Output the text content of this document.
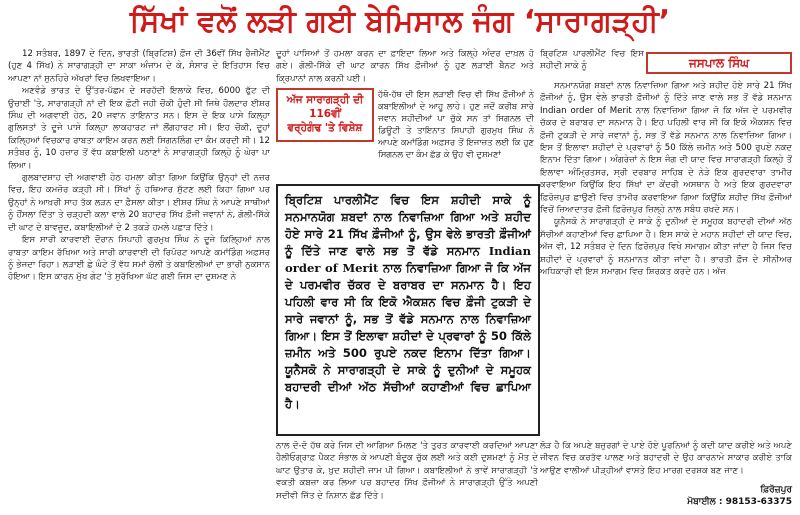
ਸਿੱਖਾਂ ਵਲੋਂ ਲੜੀ ਗਈ ਬੇਮਿਸਾਲ ਜੰਗ ‘ਸਾਰਾਗੜ੍ਹੀ’

12 ਸਤੰਬਰ, 1897 ਦੇ ਦਿਨ, ਭਾਰਤੀ (ਬ੍ਰਿਟਿਸ਼) ਫ਼ੌਜ ਦੀ 36ਵੀਂ ਸਿੱਖ ਰੈਜੀਮੈਂਟ (ਹੁਣ 4 ਸਿੱਖ) ਨੇ ਸਾਰਾਗੜ੍ਹੀ ਦਾ ਸਾਕਾ ਅੰਜਾਮ ਦੇ ਕੇ, ਸੰਸਾਰ ਦੇ ਇਤਿਹਾਸ ਵਿਚ ਆਪਣਾ ਨਾਂ ਸੁਨਹਿਰੇ ਅੱਖਰਾਂ ਵਿਚ ਲਿਖਵਾਇਆ।

ਅਣਵੰਡੇ ਭਾਰਤ ਦੇ ਉੱਤਰ-ਪੱਛਮ ਦੇ ਸਰਹੱਦੀ ਇਲਾਕੇ ਵਿਚ, 6000 ਫੁੱਟ ਦੀ ਉਚਾਈ 'ਤੇ, ਸਾਰਾਗੜ੍ਹੀ ਨਾਂ ਦੀ ਇਕ ਛੋਟੀ ਜਹੀ ਚੌਕੀ ਹੁੰਦੀ ਸੀ ਜਿਥੇ ਹੌਲਦਾਰ ਈਸ਼ਰ ਸਿੰਘ ਦੀ ਅਗਵਾਈ ਹੇਠ, 20 ਜਵਾਨ ਤਾਇਨਾਤ ਸਨ। ਇਸ ਦੇ ਇਕ ਪਾਸੇ ਕਿਲ੍ਹਾ ਗੁਲਿਸਤਾਂ ਤੇ ਦੂਜੇ ਪਾਸੇ ਕਿਲ੍ਹਾ ਲਾਕਹਾਰਟ ਜਾਂ ਲੌਂਗਹਾਰਟ ਸੀ। ਇਹ ਚੌਕੀ, ਦੂਹਾਂ ਕਿਲ੍ਹਿਆਂ ਵਿਚਕਾਰ ਰਾਬਤਾ ਕਾਇਮ ਕਰਨ ਲਈ ਸਿਗਨਲਿੰਗ ਦਾ ਕੰਮ ਕਰਦੀ ਸੀ। 12 ਸਤੰਬਰ ਨੂੰ, 10 ਹਜ਼ਾਰ ਤੋਂ ਵੱਧ ਕਬਾਇਲੀ ਪਠਾਣਾਂ ਨੇ ਸਾਰਾਗੜ੍ਹੀ ਕਿਲ੍ਹੇ ਨੂੰ ਘੇਰਾ ਪਾ ਲਿਆ।

ਗੁਲਬਾਦਸ਼ਾਹ ਦੀ ਅਗਵਾਈ ਹੇਠ ਹਮਲਾ ਕੀਤਾ ਗਿਆ ਕਿਉਂਕਿ ਉਨ੍ਹਾਂ ਦੀ ਨਜ਼ਰ ਵਿਚ, ਇਹ ਕਮਜ਼ੋਰ ਕੜ੍ਹੀ ਸੀ। ਸਿੱਖਾਂ ਨੂੰ ਹਥਿਆਰ ਸੁੱਟਣ ਲਈ ਕਿਹਾ ਗਿਆ ਪਰ ਉਨ੍ਹਾਂ ਨੇ ਆਖ਼ਰੀ ਸਾਹ ਤੱਕ ਲੜਨ ਦਾ ਫ਼ੈਸਲਾ ਕੀਤਾ। ਈਸ਼ਰ ਸਿੰਘ ਨੇ ਆਪਣੇ ਸਾਥੀਆਂ ਨੂੰ ਹੌਂਸਲਾ ਦਿੱਤਾ ਤੇ ਚੜ੍ਹਦੀ ਕਲਾ ਵਾਲੇ 20 ਬਹਾਦਰ ਸਿੱਖ ਫ਼ੌਜੀ ਜਵਾਨਾਂ ਨੇ, ਗੋਲੀ-ਸਿੱਕੇ ਦੀ ਘਾਟ ਦੇ ਬਾਵਜੂਦ, ਕਬਾਇਲੀਆਂ ਦੇ 2 ਤਕੜੇ ਹਮਲੇ ਪਛਾੜ ਦਿੱਤੇ।

ਇਸ ਸਾਰੀ ਕਾਰਵਾਈ ਦੌਰਾਨ ਸਿਪਾਹੀ ਗੁਰਮੁਖ ਸਿੰਘ ਨੇ ਦੂਜੇ ਕਿਲ੍ਹਿਆਂ ਨਾਲ ਰਾਬਤਾ ਕਾਇਮ ਰੱਖਿਆ ਅਤੇ ਸਾਰੀ ਕਾਰਵਾਈ ਦੀ ਰਿਪੋਰਟ ਆਪਣੇ ਕਮਾਂਡਿੰਗ ਅਫ਼ਸਰ ਨੂੰ ਭੇਜਦਾ ਰਿਹਾ। ਲੜਾਈ ਛੇ ਘੰਟੇ ਤੋਂ ਵੱਧ ਸਮਾਂ ਚੱਲੀ ਤੇ ਕਬਾਇਲੀਆਂ ਦਾ ਭਾਰੀ ਨੁਕਸਾਨ ਹੋਇਆ। ਇਸ ਕਾਰਨ ਮੁੱਖ ਗੇਟ 'ਤੇ ਸੁਰੱਖਿਆ ਘੱਟ ਗਈ ਜਿਸ ਦਾ ਦੁਸ਼ਮਣ ਨੇ

ਦੂਹਾਂ ਪਾਸਿਆਂ ਤੋਂ ਹਮਲਾ ਕਰਨ ਦਾ ਫ਼ਾਇਦਾ ਲਿਆ ਅਤੇ ਕਿਲ੍ਹੇ ਅੰਦਰ ਦਾਖ਼ਲ ਹੋ ਗਏ। ਗੋਲੀ-ਸਿੱਕੇ ਦੀ ਘਾਟ ਕਾਰਨ ਸਿੱਖ ਫ਼ੌਜੀਆਂ ਨੂੰ ਹੁਣ ਲੜਾਈ ਬੈਨਟ ਅਤੇ ਕ੍ਰਿਪਾਨਾਂ ਨਾਲ ਕਰਨੀ ਪਈ।
ਅੱਜ ਸਾਰਾਗੜ੍ਹੀ ਦੀ 116ਵੀਂ
ਵਰ੍ਹੇਗੰਢ 'ਤੇ ਵਿਸ਼ੇਸ਼
ਹੱਥੋ-ਹੱਥ ਦੀ ਇਸ ਲੜਾਈ ਵਿਚ ਵੀ ਸਿੱਖ ਫ਼ੌਜੀਆਂ ਨੇ ਕਬਾਇਲੀਆਂ ਦੇ ਆਹੂ ਲਾਹੇ। ਹੁਣ ਜਦੋਂ ਕਰੀਬ ਸਾਰੇ ਜਵਾਨ ਸ਼ਹੀਦੀਆਂ ਪਾ ਚੁੱਕੇ ਸਨ ਤਾਂ ਸਿਗਨਲ ਦੀ ਡਿਊਟੀ ਤੇ ਤਾਇਨਾਤ ਸਿਪਾਹੀ ਗੁਰਮੁਖ ਸਿੰਘ ਨੇ ਆਪਣੇ ਕਮਾਂਡਿੰਗ ਅਫ਼ਸਰ ਤੋਂ ਇਜਾਜ਼ਤ ਲਈ ਕਿ ਹੁਣ ਸਿਗਨਲ ਦਾ ਕੰਮ ਛੱਡ ਕੇ ਉਹ ਵੀ ਦੁਸ਼ਮਣਾਂ
ਬ੍ਰਿਟਿਸ਼ ਪਾਰਲੀਮੈਂਟ ਵਿਚ ਇਸ ਸ਼ਹੀਦੀ ਸਾਕੇ ਨੂੰ	ਜਸਪਾਲ ਸਿੰਘ
ਬ੍ਰਿਟਿਸ਼ ਪਾਰਲੀਮੈਂਟ ਵਿਚ ਇਸ ਸ਼ਹੀਦੀ ਸਾਕੇ ਨੂੰ ਸਨਮਾਨਯੋਗ ਸ਼ਬਦਾਂ ਨਾਲ ਨਿਵਾਜ਼ਿਆ ਗਿਆ ਅਤੇ ਸ਼ਹੀਦ ਹੋਏ ਸਾਰੇ 21 ਸਿੱਖ ਫ਼ੌਜੀਆਂ ਨੂੰ, ਉਸ ਵੇਲੇ ਭਾਰਤੀ ਫ਼ੌਜੀਆਂ ਨੂੰ ਦਿੱਤੇ ਜਾਣ ਵਾਲੇ ਸਭ ਤੋਂ ਵੱਡੇ ਸਨਮਾਨ Indian order of Merit ਨਾਲ ਨਿਵਾਜ਼ਿਆ ਗਿਆ ਜੋ ਕਿ ਅੱਜ ਦੇ ਪਰਮਵੀਰ ਚੱਕਰ ਦੇ ਬਰਾਬਰ ਦਾ ਸਨਮਾਨ ਹੈ। ਇਹ ਪਹਿਲੀ ਵਾਰ ਸੀ ਕਿ ਇਕੋ ਐਕਸ਼ਨ ਵਿਚ ਫ਼ੌਜੀ ਟੁਕੜੀ ਦੇ ਸਾਰੇ ਜਵਾਨਾਂ ਨੂੰ, ਸਭ ਤੋਂ ਵੱਡੇ ਸਨਮਾਨ ਨਾਲ ਨਿਵਾਜ਼ਿਆ ਗਿਆ। ਇਸ ਤੋਂ ਇਲਾਵਾ ਸ਼ਹੀਦਾਂ ਦੇ ਪ੍ਰਵਾਰਾਂ ਨੂੰ 50 ਕਿੱਲੇ ਜ਼ਮੀਨ ਅਤੇ 500 ਰੁਪਏ ਨਕਦ ਇਨਾਮ ਦਿੱਤਾ ਗਿਆ। ਯੂਨੈਸਕੋ ਨੇ ਸਾਰਾਗੜ੍ਹੀ ਦੇ ਸਾਕੇ ਨੂੰ ਦੁਨੀਆਂ ਦੇ ਸਮੂਹਕ ਬਹਾਦਰੀ ਦੀਆਂ ਅੱਠ ਸੱਚੀਆਂ ਕਹਾਣੀਆਂ ਵਿਚ ਛਾਪਿਆ ਹੈ।

ਸਨਮਾਨਯੋਗ ਸ਼ਬਦਾਂ ਨਾਲ ਨਿਵਾਜ਼ਿਆ ਗਿਆ ਅਤੇ ਸ਼ਹੀਦ ਹੋਏ ਸਾਰੇ 21 ਸਿੱਖ ਫ਼ੌਜੀਆਂ ਨੂੰ, ਉਸ ਵੇਲੇ ਭਾਰਤੀ ਫ਼ੌਜੀਆਂ ਨੂੰ ਦਿੱਤੇ ਜਾਣ ਵਾਲੇ ਸਭ ਤੋਂ ਵੱਡੇ ਸਨਮਾਨ Indian order of Merit ਨਾਲ ਨਿਵਾਜ਼ਿਆ ਗਿਆ ਜੋ ਕਿ ਅੱਜ ਦੇ ਪਰਮਵੀਰ ਚੱਕਰ ਦੇ ਬਰਾਬਰ ਦਾ ਸਨਮਾਨ ਹੈ। ਇਹ ਪਹਿਲੀ ਵਾਰ ਸੀ ਕਿ ਇਕੋ ਐਕਸ਼ਨ ਵਿਚ ਫ਼ੌਜੀ ਟੁਕੜੀ ਦੇ ਸਾਰੇ ਜਵਾਨਾਂ ਨੂੰ, ਸਭ ਤੋਂ ਵੱਡੇ ਸਨਮਾਨ ਨਾਲ ਨਿਵਾਜ਼ਿਆ ਗਿਆ। ਇਸ ਤੋਂ ਇਲਾਵਾ ਸ਼ਹੀਦਾਂ ਦੇ ਪ੍ਰਵਾਰਾਂ ਨੂੰ 50 ਕਿੱਲੇ ਜ਼ਮੀਨ ਅਤੇ 500 ਰੁਪਏ ਨਕਦ ਇਨਾਮ ਦਿੱਤਾ ਗਿਆ। ਅੰਗਰੇਜ਼ਾਂ ਨੇ ਇਸ ਜੰਗ ਦੀ ਯਾਦ ਵਿਚ ਸਾਰਾਗੜ੍ਹੀ ਕਿਲ੍ਹੇ ਤੋਂ ਇਲਾਵਾ ਅੰਮ੍ਰਿਤਸਰ, ਸ੍ਰੀ ਦਰਬਾਰ ਸਾਹਿਬ ਦੇ ਨੇੜੇ ਇਕ ਗੁਰਦਵਾਰਾ ਤਾਮੀਰ ਕਰਵਾਇਆ ਕਿਉਂਕਿ ਇਹ ਸਿੱਖਾਂ ਦਾ ਕੇਂਦਰੀ ਅਸਥਾਨ ਹੈ ਅਤੇ ਇਕ ਗੁਰਦਵਾਰਾ ਫ਼ਿਰੋਜ਼ਪੁਰ ਛਾਉਣੀ ਵਿਚ ਤਾਮੀਰ ਕਰਵਾਇਆ ਗਿਆ ਕਿਉਂਕਿ ਸ਼ਹੀਦ ਸਿੱਖ ਫ਼ੌਜੀਆਂ ਵਿਚੋਂ ਜ਼ਿਆਦਾਤਰ ਫ਼ੌਜੀ ਫ਼ਿਰੋਜ਼ਪੁਰ ਜ਼ਿਲ੍ਹੇ ਨਾਲ ਸਬੰਧ ਰਖਦੇ ਸਨ।

ਯੂਨੈਸਕੋ ਨੇ ਸਾਰਾਗੜ੍ਹੀ ਦੇ ਸਾਕੇ ਨੂੰ ਦੁਨੀਆਂ ਦੇ ਸਮੂਹਕ ਬਹਾਦਰੀ ਦੀਆਂ ਅੱਠ ਸੱਚੀਆਂ ਕਹਾਣੀਆਂ ਵਿਚ ਛਾਪਿਆ ਹੈ। ਇਸ ਸਾਕੇ ਦੇ ਮਹਾਨ ਸ਼ਹੀਦਾਂ ਦੀ ਯਾਦ ਵਿਚ, ਅੱਜ ਵੀ, 12 ਸਤੰਬਰ ਦੇ ਦਿਨ ਫ਼ਿਰੋਜ਼ਪੁਰ ਵਿਖੇ ਸਮਾਗਮ ਕੀਤਾ ਜਾਂਦਾ ਹੈ ਜਿਸ ਵਿਚ ਸ਼ਹੀਦਾਂ ਦੇ ਪ੍ਰਵਾਰਾਂ ਨੂੰ ਸਨਮਾਨਤ ਕੀਤਾ ਜਾਂਦਾ ਹੈ। ਭਾਰਤੀ ਫ਼ੌਜ ਦੇ ਸੀਨੀਅਰ ਅਧਿਕਾਰੀ ਵੀ ਇਸ ਸਮਾਗਮ ਵਿਚ ਸ਼ਿਰਕਤ ਕਰਦੇ ਹਨ। ਅੱਜ

ਨਾਲ ਦੋ-ਦੋ ਹੱਥ ਕਰੇ ਜਿਸ ਦੀ ਆਗਿਆ ਮਿਲਣ 'ਤੇ ਤੁਰਤ ਕਾਰਵਾਈ ਕਰਦਿਆਂ ਆਪਣਾ ਹੈਲੀਓਗ੍ਰਾਫ਼ ਪੈਕਟ ਸੰਭਾਲ ਕੇ ਆਪਣੀ ਬੰਦੂਕ ਚੁੱਕ ਲਈ ਅਤੇ ਕਈ ਦੁਸ਼ਮਣਾਂ ਨੂੰ ਮੌਤ ਦੇ ਘਾਟ ਉਤਾਰ ਕੇ, ਖ਼ੁਦ ਸ਼ਹੀਦੀ ਜਾਮ ਪੀ ਗਿਆ। ਕਬਾਇਲੀਆਂ ਨੇ ਭਾਵੇਂ ਸਾਰਾਗੜ੍ਹੀ 'ਤੇ ਵਕਤੀ ਕਬਜ਼ਾ ਕਰ ਲਿਆ ਪਰ ਬਹਾਦਰ ਸਿੱਖ ਫ਼ੌਜੀਆਂ ਨੇ ਸਾਰਾਗੜ੍ਹੀ ਉੱਤੇ ਅਪਣੀ ਸਦੀਵੀ ਜਿੱਤ ਦੇ ਨਿਸ਼ਾਨ ਛੱਡ ਦਿੱਤੇ।
ਲੋੜ ਹੈ ਕਿ ਅਪਣੇ ਬਜ਼ੁਰਗਾਂ ਦੇ ਪਾਏ ਹੋਏ ਪੂਰਨਿਆਂ ਨੂੰ ਕਦੀ ਯਾਦ ਕਰੀਏ ਅਤੇ ਅਪਣੇ ਜੀਵਨ ਵਿਚ ਕਰਤੱਵ ਪਾਲਣ ਅਤੇ ਬਹਾਦਰੀ ਦੇ ਉਹ ਕਾਰਨਾਮੇ ਸਾਕਾਰ ਕਰੀਏ ਤਾਕਿ ਆਉਣ ਵਾਲੀਆਂ ਪੀੜ੍ਹੀਆਂ ਵਾਸਤੇ ਇਹ ਮਾਰਗ ਦਰਸ਼ਕ ਬਣ ਜਾਣ।
ਫ਼ਿਰੋਜ਼ਪੁਰ
ਮੋਬਾਈਲ : 98153-63375
